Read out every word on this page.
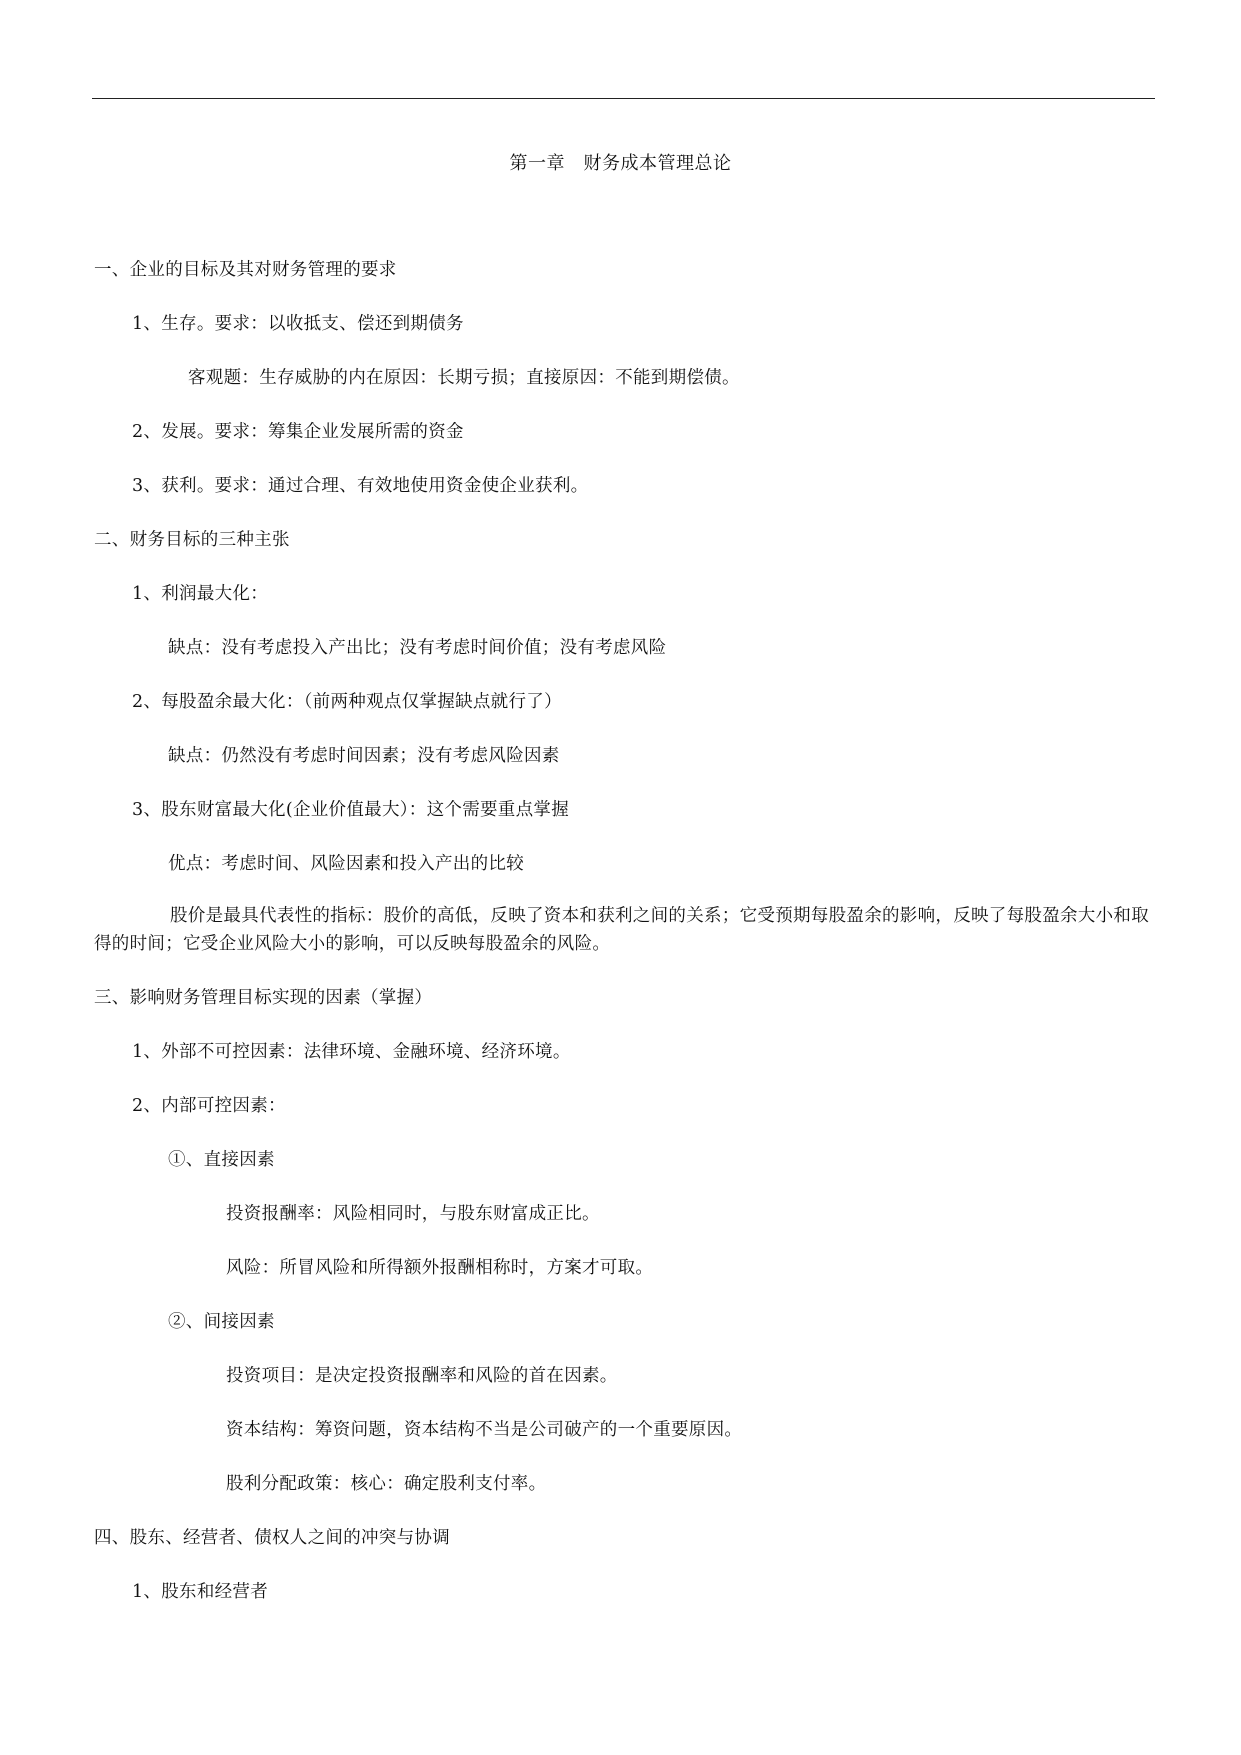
第一章　财务成本管理总论
一、企业的目标及其对财务管理的要求
1、生存。要求：以收抵支、偿还到期债务
客观题：生存威胁的内在原因：长期亏损；直接原因：不能到期偿债。
2、发展。要求：筹集企业发展所需的资金
3、获利。要求：通过合理、有效地使用资金使企业获利。
二、财务目标的三种主张
1、利润最大化：
缺点：没有考虑投入产出比；没有考虑时间价值；没有考虑风险
2、每股盈余最大化：（前两种观点仅掌握缺点就行了）
缺点：仍然没有考虑时间因素；没有考虑风险因素
3、股东财富最大化(企业价值最大）：这个需要重点掌握
优点：考虑时间、风险因素和投入产出的比较
股价是最具代表性的指标：股价的高低，反映了资本和获利之间的关系；它受预期每股盈余的影响，反映了每股盈余大小和取得的时间；它受企业风险大小的影响，可以反映每股盈余的风险。
三、影响财务管理目标实现的因素（掌握）
1、外部不可控因素：法律环境、金融环境、经济环境。
2、内部可控因素：
①、直接因素
投资报酬率：风险相同时，与股东财富成正比。
风险：所冒风险和所得额外报酬相称时，方案才可取。
②、间接因素
投资项目：是决定投资报酬率和风险的首在因素。
资本结构：筹资问题，资本结构不当是公司破产的一个重要原因。
股利分配政策：核心：确定股利支付率。
四、股东、经营者、债权人之间的冲突与协调
1、股东和经营者
